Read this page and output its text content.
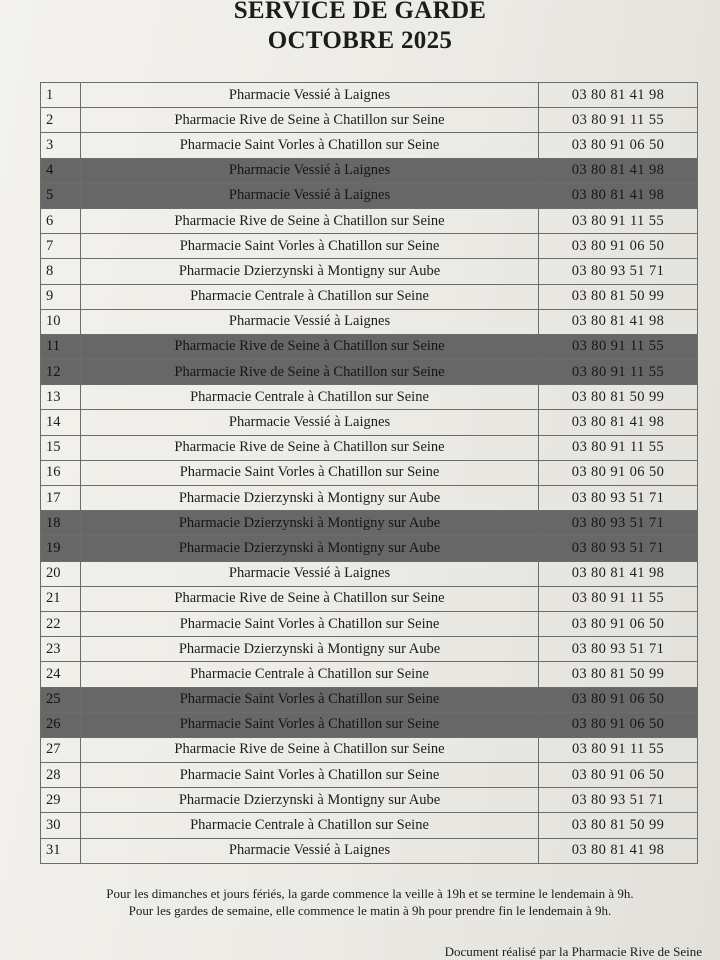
SERVICE DE GARDE
OCTOBRE 2025
1	Pharmacie Vessié à Laignes	03 80 81 41 98
2	Pharmacie Rive de Seine à Chatillon sur Seine	03 80 91 11 55
3	Pharmacie Saint Vorles à Chatillon sur Seine	03 80 91 06 50
4	Pharmacie Vessié à Laignes	03 80 81 41 98
5	Pharmacie Vessié à Laignes	03 80 81 41 98
6	Pharmacie Rive de Seine à Chatillon sur Seine	03 80 91 11 55
7	Pharmacie Saint Vorles à Chatillon sur Seine	03 80 91 06 50
8	Pharmacie Dzierzynski à Montigny sur Aube	03 80 93 51 71
9	Pharmacie Centrale à Chatillon sur Seine	03 80 81 50 99
10	Pharmacie Vessié à Laignes	03 80 81 41 98
11	Pharmacie Rive de Seine à Chatillon sur Seine	03 80 91 11 55
12	Pharmacie Rive de Seine à Chatillon sur Seine	03 80 91 11 55
13	Pharmacie Centrale à Chatillon sur Seine	03 80 81 50 99
14	Pharmacie Vessié à Laignes	03 80 81 41 98
15	Pharmacie Rive de Seine à Chatillon sur Seine	03 80 91 11 55
16	Pharmacie Saint Vorles à Chatillon sur Seine	03 80 91 06 50
17	Pharmacie Dzierzynski à Montigny sur Aube	03 80 93 51 71
18	Pharmacie Dzierzynski à Montigny sur Aube	03 80 93 51 71
19	Pharmacie Dzierzynski à Montigny sur Aube	03 80 93 51 71
20	Pharmacie Vessié à Laignes	03 80 81 41 98
21	Pharmacie Rive de Seine à Chatillon sur Seine	03 80 91 11 55
22	Pharmacie Saint Vorles à Chatillon sur Seine	03 80 91 06 50
23	Pharmacie Dzierzynski à Montigny sur Aube	03 80 93 51 71
24	Pharmacie Centrale à Chatillon sur Seine	03 80 81 50 99
25	Pharmacie Saint Vorles à Chatillon sur Seine	03 80 91 06 50
26	Pharmacie Saint Vorles à Chatillon sur Seine	03 80 91 06 50
27	Pharmacie Rive de Seine à Chatillon sur Seine	03 80 91 11 55
28	Pharmacie Saint Vorles à Chatillon sur Seine	03 80 91 06 50
29	Pharmacie Dzierzynski à Montigny sur Aube	03 80 93 51 71
30	Pharmacie Centrale à Chatillon sur Seine	03 80 81 50 99
31	Pharmacie Vessié à Laignes	03 80 81 41 98
Pour les dimanches et jours fériés, la garde commence la veille à 19h et se termine le lendemain à 9h.
Pour les gardes de semaine, elle commence le matin à 9h pour prendre fin le lendemain à 9h.
Document réalisé par la Pharmacie Rive de Seine
